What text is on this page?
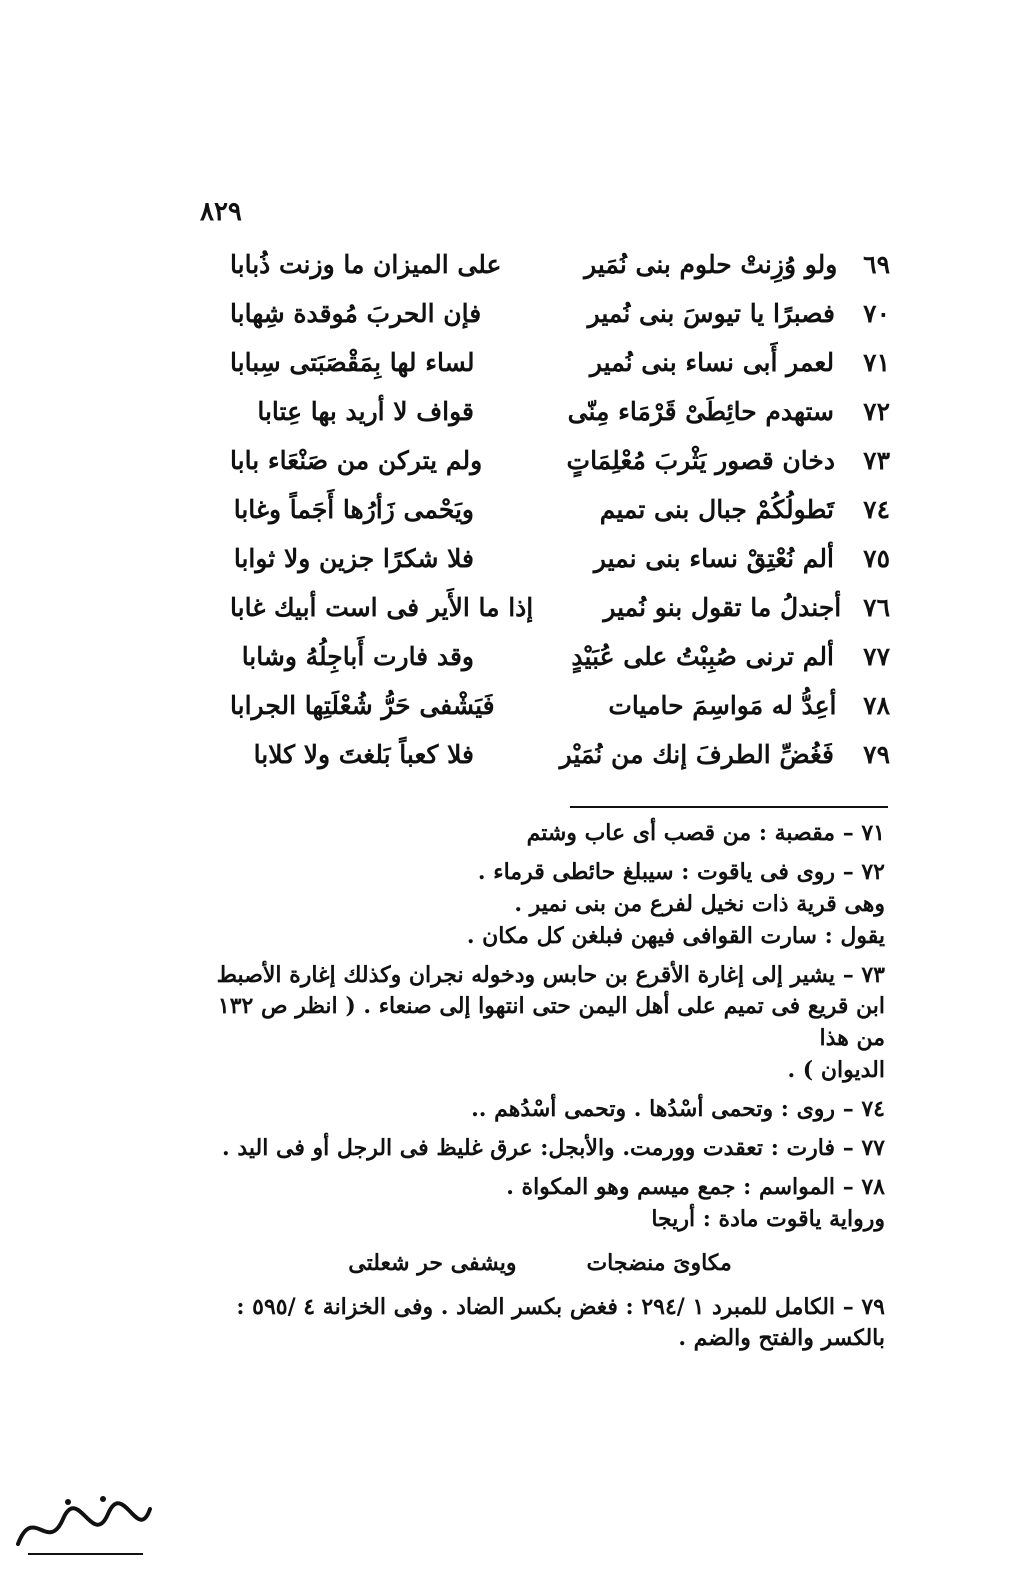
٨٢٩
٦٩
ولو وُزِنتْ حلوم بنى نُمَير
على الميزان ما وزنت ذُبابا
٧٠
فصبرًا يا تيوسَ بنى نُمير
فإن الحربَ مُوقدة شِهابا
٧١
لعمر أَبى نساء بنى نُمير
لساء لها بِمَقْصَبَتى سِبابا
٧٢
ستهدم حائِطَىْ قَرْمَاء مِنّى
قواف لا أريد بها عِتابا
٧٣
دخان قصور يَثْربَ مُعْلِمَاتٍ
ولم يتركن من صَنْعَاء بابا
٧٤
تَطولُكُمْ جبال بنى تميم
ويَحْمى زَأرُها أَجَماً وغابا
٧٥
ألم نُعْتِقْ نساء بنى نمير
فلا شكرًا جزين ولا ثوابا
٧٦
أجندلُ ما تقول بنو نُمير
إذا ما الأَير فى است أبيك غابا
٧٧
ألم ترنى صُبِبْتُ على عُبَيْدٍ
وقد فارت أَباجِلُهُ وشابا
٧٨
أعِدُّ له مَواسِمَ حاميات
فَيَشْفى حَرُّ شُعْلَتِها الجرابا
٧٩
فَغُضِّ الطرفَ إنك من نُمَيْر
فلا كعباً بَلغتَ ولا كلابا
٧١ – مقصبة : من قصب أى عاب وشتم
٧٢ – روى فى ياقوت : سيبلغ حائطى قرماء .
وهى قرية ذات نخيل لفرع من بنى نمير .
يقول : سارت القوافى فيهن فبلغن كل مكان .
٧٣ – يشير إلى إغارة الأقرع بن حابس ودخوله نجران وكذلك إغارة الأصبط
ابن قريع فى تميم على أهل اليمن حتى انتهوا إلى صنعاء . ( انظر ص ١٣٢ من هذا
الديوان ) .
٧٤ – روى : وتحمى أسْدُها . وتحمى أسْدُهم ..
٧٧ – فارت : تعقدت وورمت. والأبجل: عرق غليظ فى الرجل أو فى اليد .
٧٨ – المواسم : جمع ميسم وهو المكواة .
ورواية ياقوت مادة : أريجا
مكاوىَ منضجات
ويشفى حر شعلتى
٧٩ – الكامل للمبرد ١ /٢٩٤ : فغض بكسر الضاد . وفى الخزانة ٤ /٥٩٥ :
بالكسر والفتح والضم .
